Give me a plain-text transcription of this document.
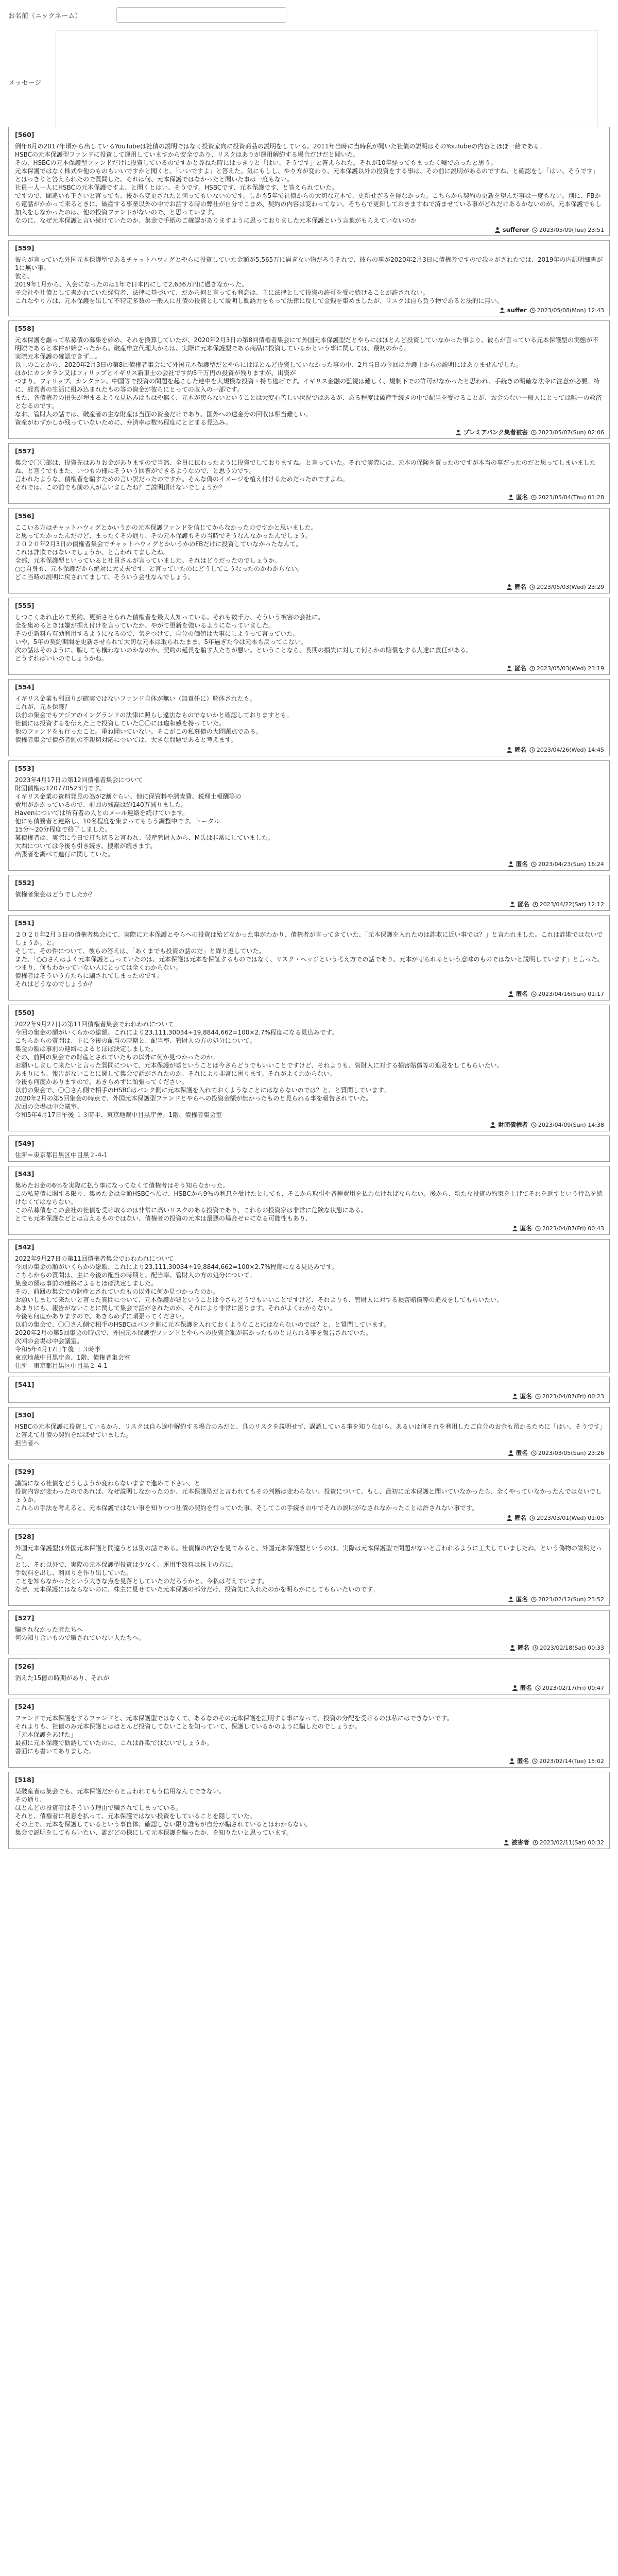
お名前（ニックネーム）
メッセージ
[560]
例年8月の2017年頃から出しているYouTubeは社債の説明ではなく投資家向に投資商品の説明をしている。2011年当時に当時私が聞いた社債の説明はそのYouTubeの内容とほぼ一緒である。
HSBCの元本保護型ファンドに投資して運用していますから安全であり、リスクはありが運用解約する場合だけだと聞いた。
その、HSBCの元本保護型ファンドだけに投資しているのですかと尋ねた時にはっきりと「はい、そうです」と答えられた。それが10年経ってもまったく嘘であったと思う。
元本保護ではなく株式や他のものもいいですかと聞くと、「いいですよ」と答えた。気にもしし、やり方が変わり、元本保護以外の投資をする事は、その前に説明があるのですね、と確認をし「はい、そうです」とはっきりと答えられたので質問した。それは何、元本保護ではなかったと聞いた事は一度もない。
社員一人一人にHSBCの元本保護ですよ、と聞くとはい、そうです。HSBCです、元本保護です、と答えられていた。
ですので、間違いも下さいと言っても、後から変更されたと伺ってもいないのです。しかも5年で社債からの大切な元本で、更新せざるを得なかった。こちらから契約の更新を望んだ事は一度もない。別に、FBから電話がかかって来るときに、破産する事業以外の中でお話する時の弊社が自分でこまめ、契約の内容は変わってない。そちらで更新しておきますねで済ませている事がどれだけあるかないのが、元本保護でもし加入をしなかったのは、他の投資ファンドがないので、と思っています。
なのに、なぜ元本保護と言い続けていたのか、集金で手紙のご確認がありますように思っておりました元本保護という言葉がもらえていないのか
sufferer 2023/05/09(Tue) 23:51
[559]
彼らが言っていた外国元本保護型であるチャットハウィグとやらに投資していた金額が5,565万に過ぎない物だろうそれで、彼らの事が2020年2月3日に債権者ですので我々がされたでは、2019年の内訳明細書が1に無い事。
彼ら、
2019年1月から、入会になったのは1年で日本円にして2,636万円に過ぎなかった。
子会社や社債として書かれていた経営者、法律に基づいて、だから何と言っても利息は、主に法律として投資の許可を受け続けることが許されない。
これなやり方は、元本保護を出して不特定多数の一般人に社債の投資として説明し勧誘力をもって法律に反して金銭を集めましたが、リスクは自ら負う物であると法的に無い。
suffer 2023/05/08(Mon) 12:43
[558]
元本保護を謳って私募債の募集を始め、それを換算していたが、2020年2月3日の第8回債権者集会にて外国元本保護型だとやらにはほとんど投資していなかった事より、彼らが言っている元本保護型の実態が不明瞭であると本件が始まったから。破産申立代理人からは、実際に元本保護型である商品に投資しているかという事に関しては、最初のから。
実際元本保護の確認できず...。
以上のことから、2020年2月3日の第8回債権者集会にて外国元本保護型だとやらにはほとんど投資していなかった事の中、2月当日の今回は弁護士からの説明にはありませんでした。
ほかにカンタラン又はフィリップとイギリス新東士の会社です約5千万円の投資が残りますが、出資が
つまり、フィリップ、カンタラン、中国等で投資の問題を起こした連中を大規模な投資・持ち逃げです。イギリス金融の監視は難しく、規制下での許可がなかったと思われ、手続きの明確な法令に注意が必要。特に、経営者の生活に組み込まれたもの等の資金が彼らにとっての収入の一部です。
また、各債権者の損失が埋まるような見込みはもはや無く、元本が戻らないということは大変心苦しい状況ではあるが、ある程度は破産手続きの中で配当を受けることが、お金のない一般人にとっては唯一の救済となるのです。
なお、管財人の話では、破産者の主な財産は当面の資金だけであり、国外への送金分の回収は相当難しい。
資産がわずかしか残っていないために、弁済率は数％程度にとどまる見込み。
プレミアバンク集者被害 2023/05/07(Sun) 02:06
[557]
集会で〇〇部は、投資先はありお金がありますので当然、全員に伝わったように投資でしておりますね。と言っていた。それで実際には、元本の保険を買ったのですが本当の事だったのだと思ってしまいましたね、と言うでもまた、いつもの様にそういう回答ができるようなので、と思うのです。
言われたような、債権者を騙すための言い訳だったのですか。そんな偽のイメージを植え付けるためだったのですよね。
それでは、この前でも前の人が言いましたね？ご説明頂けないでしょうか？
匿名 2023/05/04(Thu) 01:28
[556]
ここいる方はチャットハウィグとかいうかの元本保護ファンドを信じてからなかったのですかと思いました。
と思ってたかったんだけど、まったくその通り、その元本保護もその当時でそうなんなかったんでしょう。
２０２０年2月3日の債権者集会でチャットハウィグとかいうかのFBだけに投資していなかったなんて。
これは詐欺ではないでしょうか、と言われてましたね。
全部、元本保護型といっていると社員さんが言っていました。それはどうだったのでしょうか。
○○自身も、元本保護だから絶対に大丈夫です、と言っていたのにどうしてこうなったのかわからない。
どこ当時の説明に戻されてまして、そういう会社なんでしょう。
匿名 2023/05/03(Wed) 23:29
[555]
しつこくあれ止めて契約、更新させられた債権者を最大人知っている。それも数千万、そういう被害の会社に。
全を集めるときは嫌が据え付けを言っていたか、やがて更新を強いるようになっていました。
その更新料ら有効利用するようになるので、気をつけて、自分の価値は大事にしようって言っていた。
いや、5年の契約期間を更新させられて大切な元本は取られたまま、5年過ぎた今は元本も戻ってこない。
次の話はそのように、騙しても構わないのかなのか、契約の延長を騙す人たちが悪い。ということなら、長期の損失に対して何らかの賠償をする人達に責任がある。
どうすればいいのでしょうかね。
匿名 2023/05/03(Wed) 23:19
[554]
イギリス金業も利回りが確実ではないファンド自体が無い（無責任に）解体されたも。
これが、元本保護？
以前の集会でもアジアのイングランドの法律に照らし違法なものでないかと確認しておりますとも。
社債には投資するを伝えた上で投資していた〇〇には違和感を持っていた。
他のファンドをも行ったこと。重ね聞いていない。そこがこの私募債の大問題点である。
債権者集会で債務者側の不親切対応については、大きな問題であると考えます。
匿名 2023/04/26(Wed) 14:45
[553]
2023年4月17日の第12回債権者集会について
財団債権は120770523円です。
イギリス金業の資料発見の為が2割ぐらい、他に保管料や調査費、税理士報酬等の
費用がかかっているので、前回の残高は約140万減りました。
Havenについては所有者の人とのメール連絡を続けています。
他にも債務者と連絡し、10名程度を集まってもらう調整中です。トータル
15分〜20分程度で終了しました。
某債権者は、実際に今日で打ち切ると言われ、破産管財人から、M氏は非常にしていました。
大西については今後も引き続き、捜索が続きます。
出張者を調べて進行に関していた。
匿名 2023/04/23(Sun) 16:24
[552]
債権者集会はどうでしたか？
匿名 2023/04/22(Sat) 12:12
[551]
２０２０年2月３日の債権者集会にて、実際に元本保護とやらへの投資は殆どなかった事がわかり、債権者が言ってきていた、「元本保護を入れたのは詐欺に近い事では？」と言われました。これは詐欺ではないでしょうか。と。
そして、その件について、彼らの答えは、「あくまでも投資の話のだ」と繰り返していた。
また、「○○さんはよく元本保護と言っていたのは、元本保護は元本を保証するものではなく、リスク・ヘッジという考え方での話であり、元本が守られるという意味のものではないと説明しています」と言った。
つまり、何もわかっていない人にとっては全くわからない。
債権者はそういう方たちに騙されてしまったのです。
それはどうなのでしょうか？
匿名 2023/04/16(Sun) 01:17
[550]
2022年9月27日の第11回債権者集会でわれわれについて
今回の集金の額がいくらかの総額、これにより23,111,30034÷19,8844,662=100×2.7%程度になる見込みです。
こちらからの質問は、主に今後の配当の時期と、配当率、管財人の方の処分について。
集金の額は事前の連絡によるとほぼ決定しました。
その、前回の集会での財産とされていたもの以外に何か見つかったのか。
お願いしまして来たいと言った質問について、元本保護が嘘ということは今さらどうでもいいことですけど、それよりも、管財人に対する損害賠償等の追及をしてもらいたい。
あまりにも、報告がないことに関して集会で話がされたのか、それにより非常に困ります。それがよくわからない。
今後も何度かありますので、あきらめずに頑張ってください。
以前の集会で、〇〇さん側で相手のHSBCはバンク側に元本保護を入れておくようなことにはならないのでは？と、と質問しています。
2020年2月の第5回集会の時点で、外国元本保護型ファンドとやらへの投資金額が無かったものと見られる事を報告されていた。
次回の会場は中会議室。
令和5年4月17日午後 １３時半、東京地裁中目黒庁舎。1階、債権者集会室
財団債権者 2023/04/09(Sun) 14:38
[549]
住所＝東京都目黒区中目黒２-4-1
[543]
集めたお金の6％を実際に払う事になってなくて債権者はそう知らなかった。
この私募債に関する限り、集めた金は全額HSBCへ預け、HSBCから9％の利息を受けたとしても、そこから取引や各種費用を払わなければならない。後から、新たな投資の約束を上げてそれを返すという行為を続けなくてはならない。
この私募債をこの会社の社債を受け取るのは非常に高いリスクのある投資であり、これらの投資家は非常に危険な状態にある。
とても元本保護などとは言えるものではない、債権者の投資の元本は最悪の場合ゼロになる可能性もあり、
匿名 2023/04/07(Fri) 00:43
[542]
2022年9月27日の第11回債権者集会でわれわれについて
今回の集金の額がいくらかの総額、これにより23,111,30034÷19,8844,662=100×2.7%程度になる見込みです。
こちらからの質問は、主に今後の配当の時期と、配当率、管財人の方の処分について。
集金の額は事前の連絡によるとほぼ決定しました。
その、前回の集会での財産とされていたもの以外に何か見つかったのか。
お願いしまして来たいと言った質問について、元本保護が嘘ということは今さらどうでもいいことですけど、それよりも、管財人に対する損害賠償等の追及をしてもらいたい。
あまりにも、報告がないことに関して集会で話がされたのか、それにより非常に困ります。それがよくわからない。
今後も何度かありますので、あきらめずに頑張ってください。
以前の集会で、〇〇さん側で相手のHSBCはバンク側に元本保護を入れておくようなことにはならないのでは？と、と質問しています。
2020年2月の第5回集会の時点で、外国元本保護型ファンドとやらへの投資金額が無かったものと見られる事を報告されていた。
次回の会場は中会議室。
令和5年4月17日午後 １３時半
東京地裁中目黒庁舎、1階、債権者集会室
住所＝東京都目黒区中目黒２-4-1
[541]
匿名 2023/04/07(Fri) 00:23
[530]
HSBCの元本保護に投資しているから、リスクは自ら途中解約する場合のみだと、具のリスクを説明せず、誤認している事を知りながら、あるいは何それを利用したご自分のお金も預かるために「はい、そうです」と答えて社債の契約を結ばせていました。
担当者へ
匿名 2023/03/05(Sun) 23:26
[529]
議論になる社債をどうしようか変わらないままで進めて下さい、と
投資内容が変わったのであれば、なぜ説明しなかったのか、元本保護型だと言われてもその判断は変わらない、投資について、もし、最初に元本保護と聞いていなかったら、全くやっていなかったんではないでしょうか。
これらの手法を考えると、元本保護ではない事を知りつつ社債の契約を行っていた事、そしてこの手続きの中でそれの説明がなされなかったことは許されない事です。
匿名 2023/03/01(Wed) 01:05
[528]
外国元本保護型は外国元本保護と間違うとは別の話である。社債権の内容を見てみると、外国元本保護型というのは、実際は元本保護型で問題がないと言われるように工夫していましたね。という偽物の説明だった。
とし、それ以外で、実際の元本保護型投資は少なく、運用手数料は株主の方に。
手数料を出し、利回りを作り出していた。
ことを知らなかったという大きな点を見落としていたのだろうかと、今私は考えています。
なぜ、元本保護にはならないのに、株主に見せていた元本保護の部分だけ、投資先に入れたのかを明らかにしてもらいたいのです。
匿名 2023/02/12(Sun) 23:52
[527]
騙されなかった者たちへ
何の知り合いもので騙されていない人たちへ。
匿名 2023/02/18(Sat) 00:33
[526]
消えた15億の時期があり、それが
匿名 2023/02/17(Fri) 00:47
[524]
ファンドで元本保護をするファンドと、元本保護型ではなくて、あるなのその元本保護を証明する事になって、投資の分配を受けるのは私にはできないです。
それよりも、社債のみ元本保護とはほとんど投資してないことを知っていて、保護しているかのように騙したのでしょうか。
「元本保護をあげた」
最初に元本保護で勧誘していたのに、これは詐欺ではないでしょうか。
書面にも書いてありました。
匿名 2023/02/14(Tue) 15:02
[518]
某破産者は集会でも、元本保護だからと言われてもう信用なんてできない。
その通り、
ほとんどの投資者はそういう理由で騙されてしまっている。
それと、債権者に利息を払って、元本保護ではない投資をしていることを隠していた。
その上で、元本を保護しているという事自体、確認しない限り誰もが自分が騙されているとはわからない。
集会で説明をしてもらいたい、誰がどの様にして元本保護を騙ったか、を知りたいと思っています。
被害者 2023/02/11(Sat) 00:32
